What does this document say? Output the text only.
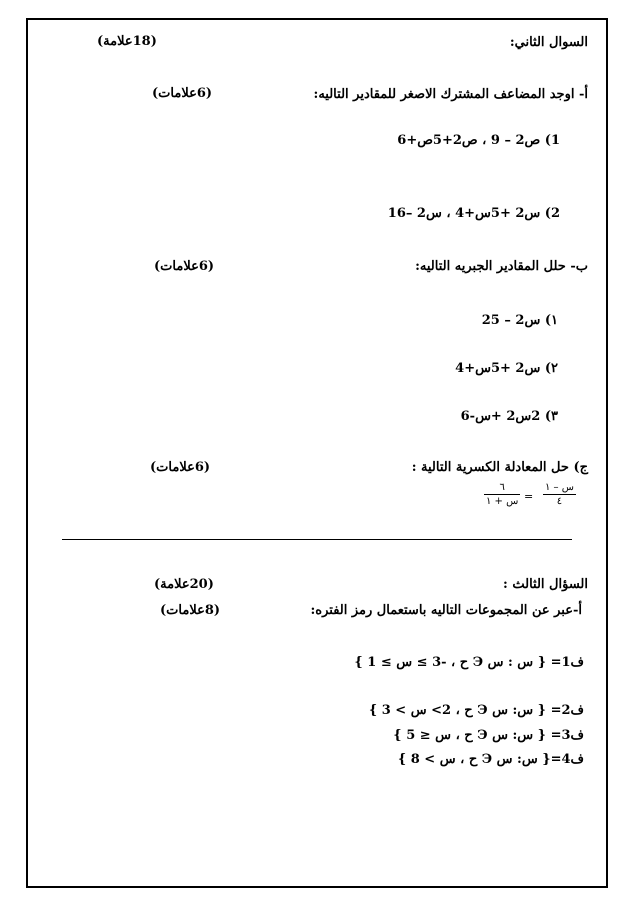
السوال الثاني:
(18علامة)
أ- اوجد المضاعف المشترك الاصغر للمقادير التاليه:
(6علامات)
1) ص2 – 9 ، ص2+5ص+6
2) س2 +5س+4 ، س2 –16
ب- حلل المقادير الجبريه التاليه:
(6علامات)
١) س2 – 25
٢) س2 +5س+4
٣) 2س2 +س-6
ج) حل المعادلة الكسرية التالية :
(6علامات)
س – ١
٤
=
٦
س + ١
السؤال الثالث :
(20علامة)
أ-عبر عن المجموعات التاليه باستعمال رمز الفتره:
(8علامات)
ف1= { س : س Э ح ، -3 ≥ س ≥ 1 }
ف2= { س: س Э ح ، 2> س > 3 }
ف3= { س: س Э ح ، س ≤ 5 }
ف4={ س: س Э ح ، س > 8 }
